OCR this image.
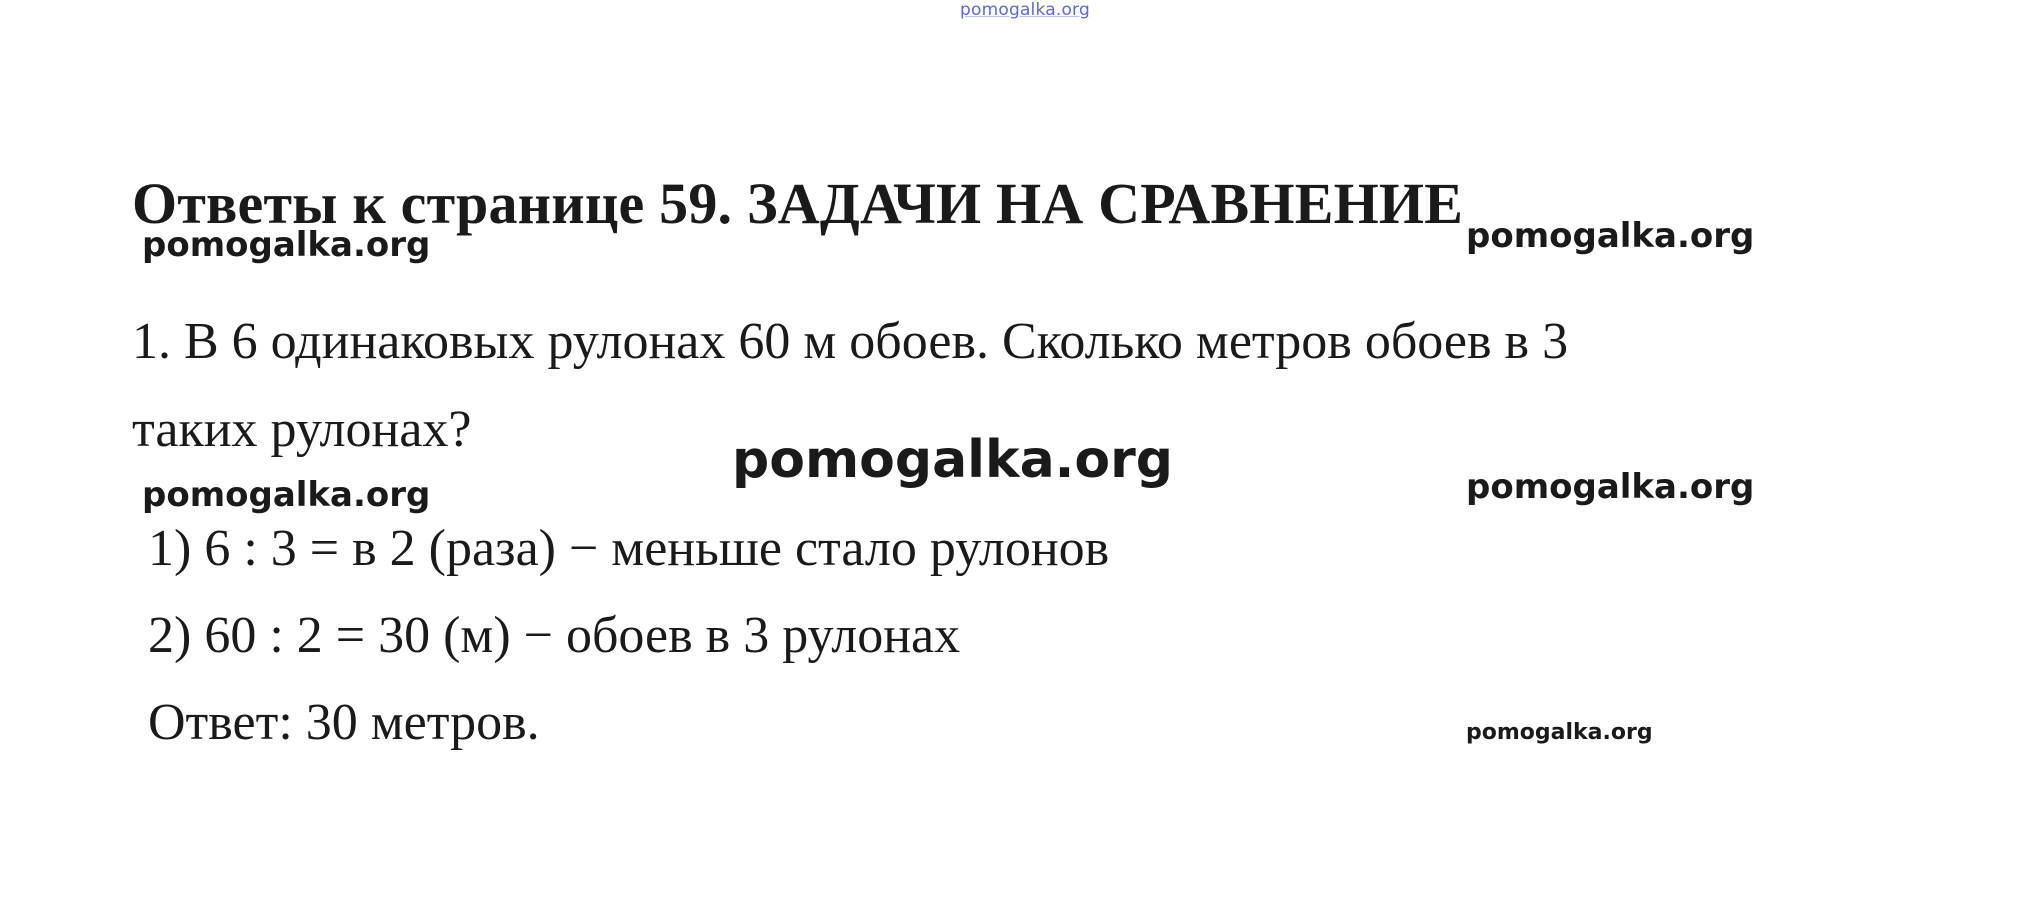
pomogalka.org
Ответы к странице 59. ЗАДАЧИ НА СРАВНЕНИЕ
pomogalka.org	pomogalka.org
1. В 6 одинаковых рулонах 60 м обоев. Сколько метров обоев в 3
таких рулонах?
pomogalka.org
pomogalka.org	pomogalka.org
1) 6 : 3 = в 2 (раза) − меньше стало рулонов
2) 60 : 2 = 30 (м) − обоев в 3 рулонах
Ответ: 30 метров.	pomogalka.org
